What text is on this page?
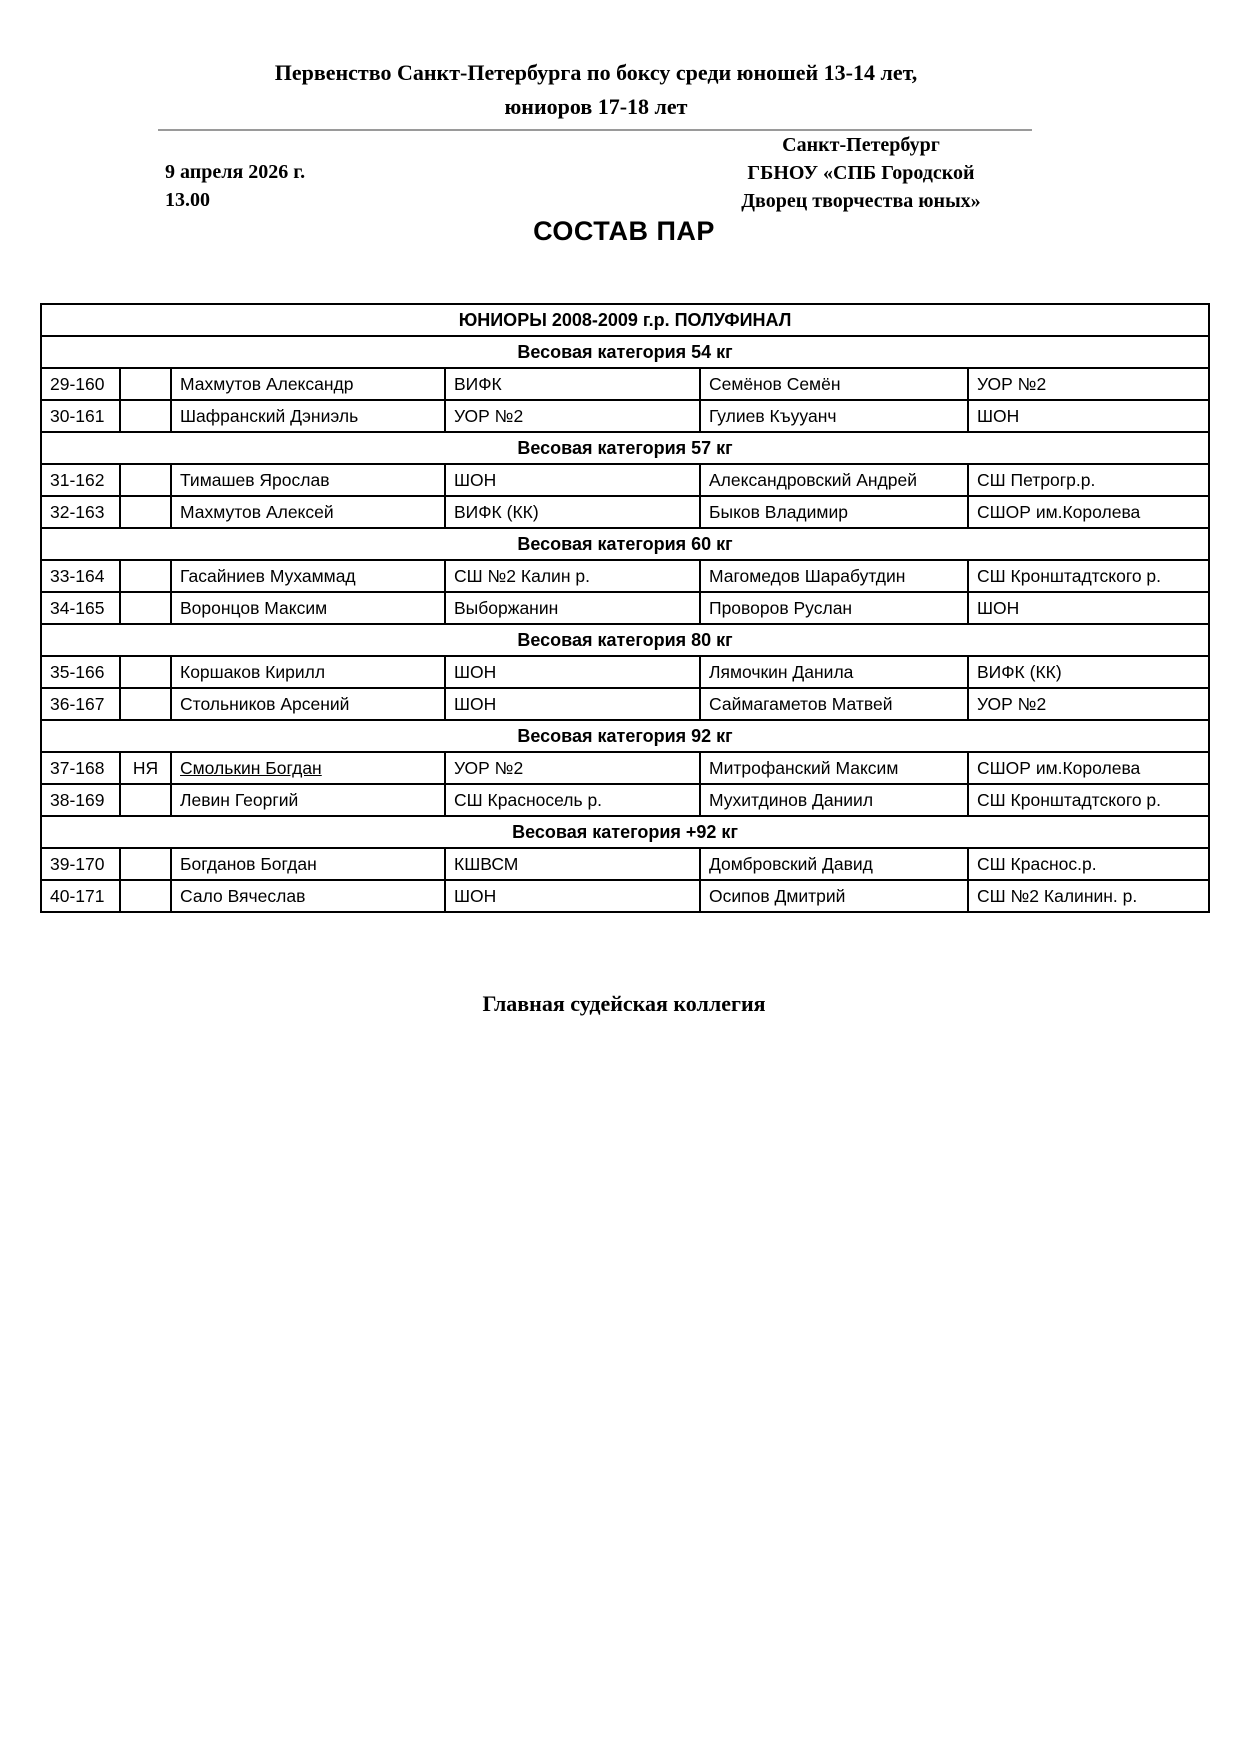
Первенство Санкт-Петербурга по боксу среди юношей 13-14 лет,
юниоров 17-18 лет
9 апреля 2026 г.
13.00
Санкт-Петербург
ГБНОУ «СПБ Городской
Дворец творчества юных»
СОСТАВ ПАР
ЮНИОРЫ 2008-2009 г.р. ПОЛУФИНАЛ					
Весовая категория 54 кг					
29-160		Махмутов Александр	ВИФК	Семёнов Семён	УОР №2
30-161		Шафранский Дэниэль	УОР №2	Гулиев Къууанч	ШОН
Весовая категория 57 кг					
31-162		Тимашев Ярослав	ШОН	Александровский Андрей	СШ Петрогр.р.
32-163		Махмутов Алексей	ВИФК (КК)	Быков Владимир	СШОР им.Королева
Весовая категория 60 кг					
33-164		Гасайниев Мухаммад	СШ №2 Калин р.	Магомедов Шарабутдин	СШ Кронштадтского р.
34-165		Воронцов Максим	Выборжанин	Проворов Руслан	ШОН
Весовая категория 80 кг					
35-166		Коршаков Кирилл	ШОН	Лямочкин Данила	ВИФК (КК)
36-167		Стольников Арсений	ШОН	Саймагаметов Матвей	УОР №2
Весовая категория 92 кг					
37-168	НЯ	Смолькин Богдан	УОР №2	Митрофанский Максим	СШОР им.Королева
38-169		Левин Георгий	СШ Красносель р.	Мухитдинов Даниил	СШ Кронштадтского р.
Весовая категория +92 кг					
39-170		Богданов Богдан	КШВСМ	Домбровский Давид	СШ Краснос.р.
40-171		Сало Вячеслав	ШОН	Осипов Дмитрий	СШ №2 Калинин. р.
Главная судейская коллегия
